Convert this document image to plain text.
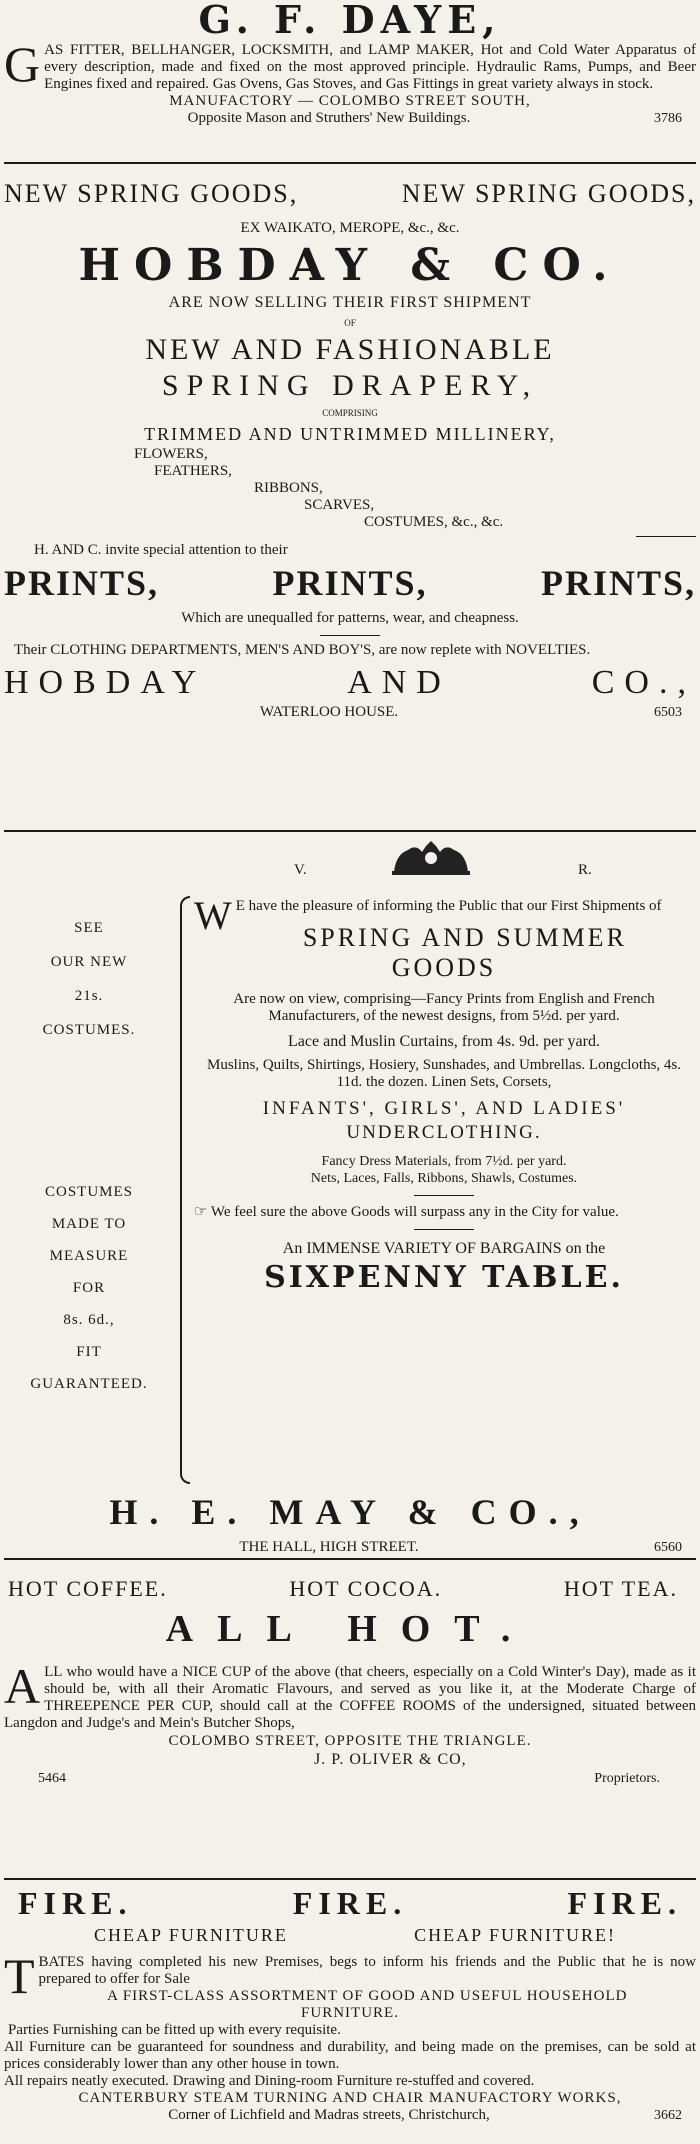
G. F. DAYE,
G AS FITTER, BELLHANGER, LOCKSMITH, and LAMP MAKER, Hot and Cold Water Apparatus of every description, made and fixed on the most approved principle. Hydraulic Rams, Pumps, and Beer Engines fixed and repaired. Gas Ovens, Gas Stoves, and Gas Fittings in great variety always in stock.
MANUFACTORY — COLOMBO STREET SOUTH,
Opposite Mason and Struthers' New Buildings.	3786
NEW SPRING GOODS,	NEW SPRING GOODS,
EX WAIKATO, MEROPE, &c., &c.
HOBDAY & CO.
ARE NOW SELLING THEIR FIRST SHIPMENT
OF
NEW AND FASHIONABLE
SPRING DRAPERY,
COMPRISING
TRIMMED AND UNTRIMMED MILLINERY,
FLOWERS,
FEATHERS,
RIBBONS,
SCARVES,
COSTUMES, &c., &c.
H. AND C. invite special attention to their
PRINTS,	PRINTS,	PRINTS,
Which are unequalled for patterns, wear, and cheapness.
Their CLOTHING DEPARTMENTS, MEN'S AND BOY'S, are now replete with NOVELTIES.
HOBDAY	AND	CO.,
WATERLOO HOUSE.	6503
V.	R.
SEE
OUR NEW
21s.
COSTUMES.
COSTUMES
MADE TO
MEASURE
FOR
8s. 6d.,
FIT
GUARANTEED.
W E have the pleasure of informing the Public that our First Shipments of
SPRING AND SUMMER
GOODS
Are now on view, comprising—Fancy Prints from English and French Manufacturers, of the newest designs, from 5½d. per yard.
Lace and Muslin Curtains, from 4s. 9d. per yard.
Muslins, Quilts, Shirtings, Hosiery, Sunshades, and Umbrellas. Longcloths, 4s. 11d. the dozen. Linen Sets, Corsets,
INFANTS', GIRLS', AND LADIES'
UNDERCLOTHING.
Fancy Dress Materials, from 7½d. per yard.
Nets, Laces, Falls, Ribbons, Shawls, Costumes.
☞ We feel sure the above Goods will surpass any in the City for value.
An IMMENSE VARIETY OF BARGAINS on the
SIXPENNY TABLE.
H. E. MAY & CO.,
THE HALL, HIGH STREET.	6560
HOT COFFEE.	HOT COCOA.	HOT TEA.
ALL HOT.
A LL who would have a NICE CUP of the above (that cheers, especially on a Cold Winter's Day), made as it should be, with all their Aromatic Flavours, and served as you like it, at the Moderate Charge of THREEPENCE PER CUP, should call at the COFFEE ROOMS of the undersigned, situated between Langdon and Judge's and Mein's Butcher Shops,
COLOMBO STREET, OPPOSITE THE TRIANGLE.
J. P. OLIVER & CO,
5464	Proprietors.
FIRE.	FIRE.	FIRE.
CHEAP FURNITURE	CHEAP FURNITURE!
T BATES having completed his new Premises, begs to inform his friends and the Public that he is now prepared to offer for Sale
A FIRST-CLASS ASSORTMENT OF GOOD AND USEFUL HOUSEHOLD
FURNITURE.
Parties Furnishing can be fitted up with every requisite.
All Furniture can be guaranteed for soundness and durability, and being made on the premises, can be sold at prices considerably lower than any other house in town.
All repairs neatly executed. Drawing and Dining-room Furniture re-stuffed and covered.
CANTERBURY STEAM TURNING AND CHAIR MANUFACTORY WORKS,
Corner of Lichfield and Madras streets, Christchurch,	3662
